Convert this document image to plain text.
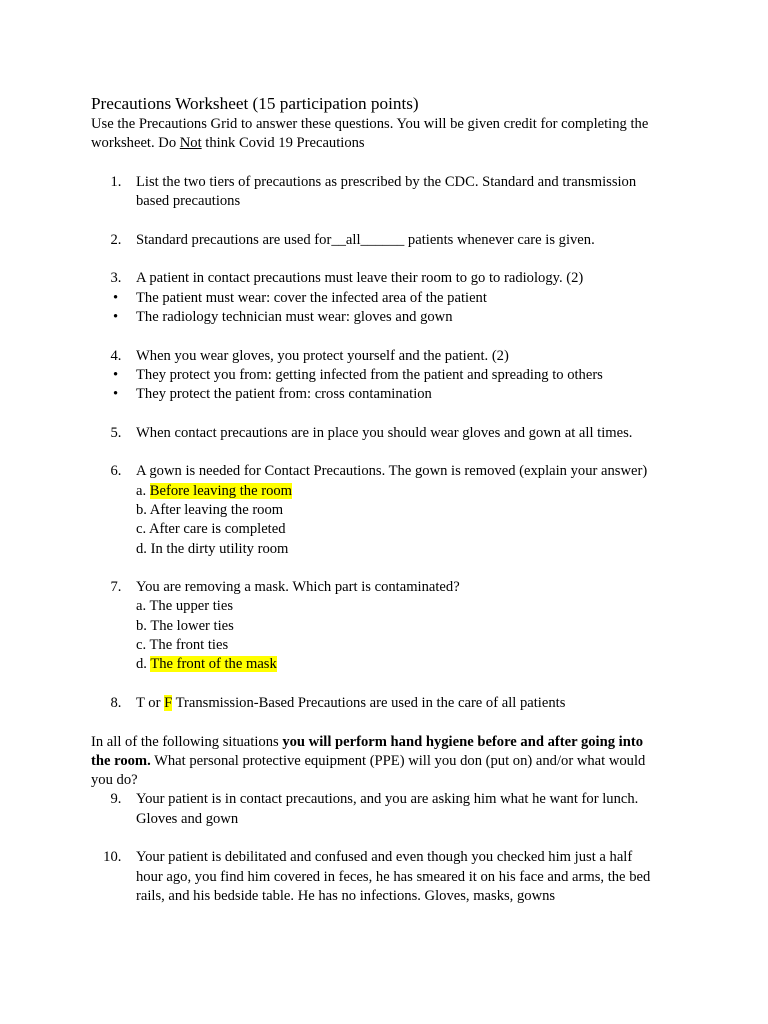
Precautions Worksheet (15 participation points)

Use the Precautions Grid to answer these questions. You will be given credit for completing the

worksheet. Do Not think Covid 19 Precautions

1. List the two tiers of precautions as prescribed by the CDC. Standard and transmission

based precautions

2. Standard precautions are used for__all______ patients whenever care is given.

3. A patient in contact precautions must leave their room to go to radiology. (2)

•	The patient must wear: cover the infected area of the patient
•	The radiology technician must wear: gloves and gown
4. When you wear gloves, you protect yourself and the patient. (2)

•	They protect you from: getting infected from the patient and spreading to others
•	They protect the patient from: cross contamination
5. When contact precautions are in place you should wear gloves and gown at all times.

6. A gown is needed for Contact Precautions. The gown is removed (explain your answer)

a. Before leaving the room

b. After leaving the room

c. After care is completed

d. In the dirty utility room

7. You are removing a mask. Which part is contaminated?

a. The upper ties

b. The lower ties

c. The front ties

d. The front of the mask

8. T or F Transmission-Based Precautions are used in the care of all patients

In all of the following situations you will perform hand hygiene before and after going into

the room. What personal protective equipment (PPE) will you don (put on) and/or what would

you do?

9. Your patient is in contact precautions, and you are asking him what he want for lunch.

Gloves and gown

10. Your patient is debilitated and confused and even though you checked him just a half

hour ago, you find him covered in feces, he has smeared it on his face and arms, the bed

rails, and his bedside table. He has no infections. Gloves, masks, gowns
